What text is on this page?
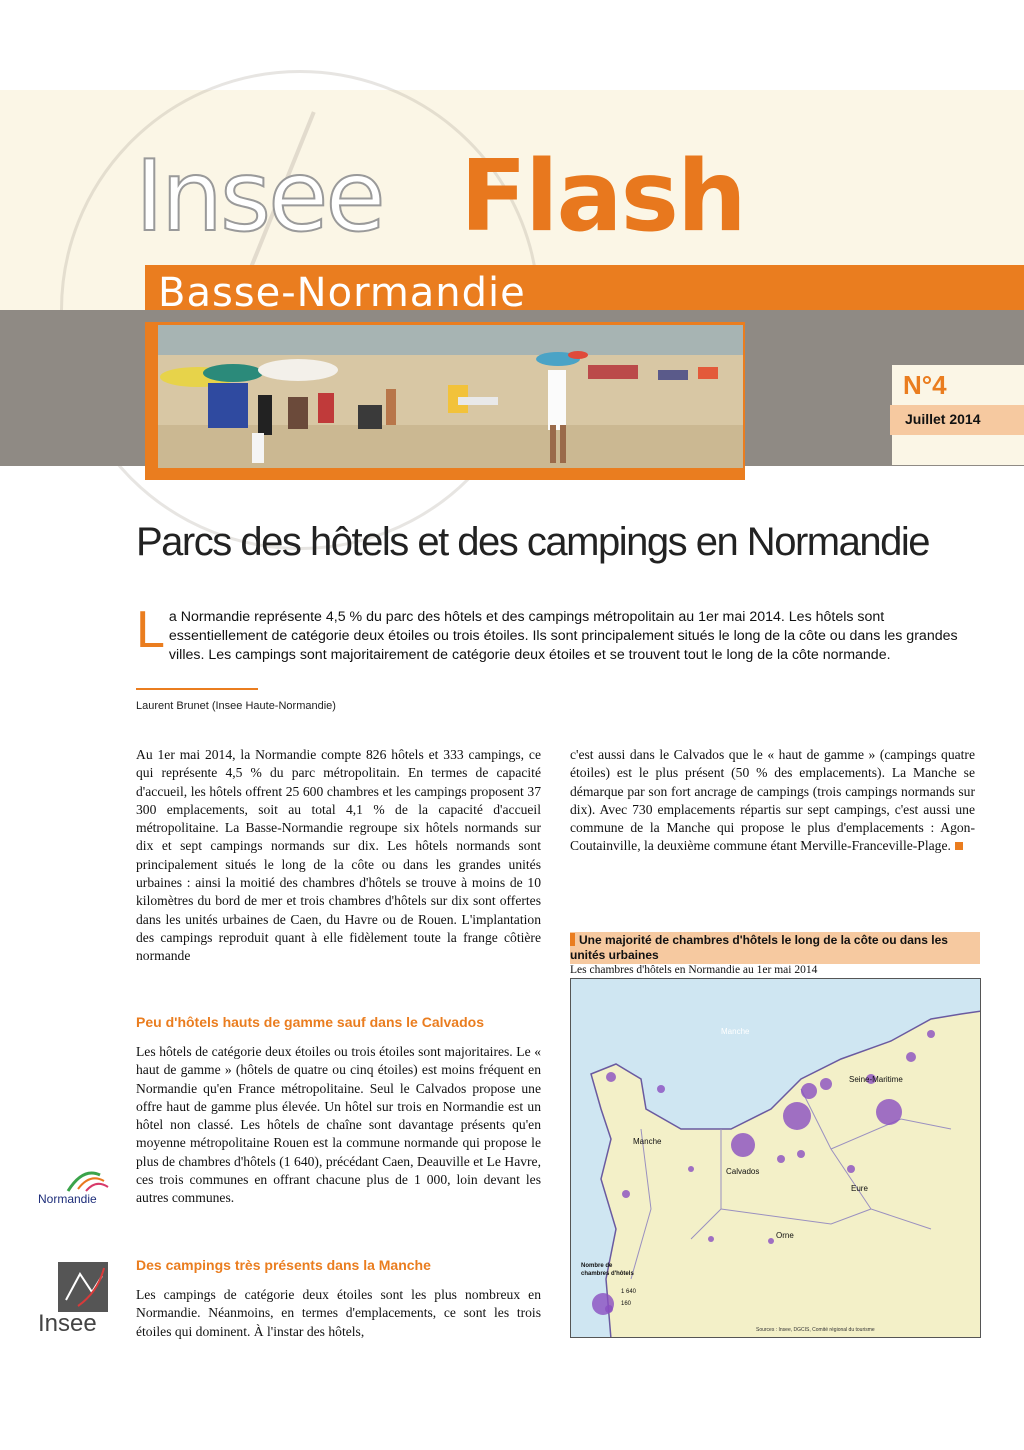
Insee Flash
Basse-Normandie
N°4
Juillet 2014
Parcs des hôtels et des campings en Normandie
L a Normandie représente 4,5 % du parc des hôtels et des campings métropolitain au 1er mai 2014. Les hôtels sont essentiellement de catégorie deux étoiles ou trois étoiles. Ils sont principalement situés le long de la côte ou dans les grandes villes. Les campings sont majoritairement de catégorie deux étoiles et se trouvent tout le long de la côte normande.
Laurent Brunet (Insee Haute-Normandie)
Au 1er mai 2014, la Normandie compte 826 hôtels et 333 campings, ce qui représente 4,5 % du parc métropolitain. En termes de capacité d'accueil, les hôtels offrent 25 600 chambres et les campings proposent 37 300 emplacements, soit au total 4,1 % de la capacité d'accueil métropolitaine. La Basse-Normandie regroupe six hôtels normands sur dix et sept campings normands sur dix. Les hôtels normands sont principalement situés le long de la côte ou dans les grandes unités urbaines : ainsi la moitié des chambres d'hôtels se trouve à moins de 10 kilomètres du bord de mer et trois chambres d'hôtels sur dix sont offertes dans les unités urbaines de Caen, du Havre ou de Rouen. L'implantation des campings reproduit quant à elle fidèlement toute la frange côtière normande
Peu d'hôtels hauts de gamme sauf dans le Calvados
Les hôtels de catégorie deux étoiles ou trois étoiles sont majoritaires. Le « haut de gamme » (hôtels de quatre ou cinq étoiles) est moins fréquent en Normandie qu'en France métropolitaine. Seul le Calvados propose une offre haut de gamme plus élevée. Un hôtel sur trois en Normandie est un hôtel non classé. Les hôtels de chaîne sont davantage présents qu'en moyenne métropolitaine Rouen est la commune normande qui propose le plus de chambres d'hôtels (1 640), précédant Caen, Deauville et Le Havre, ces trois communes en offrant chacune plus de 1 000, loin devant les autres communes.
Des campings très présents dans la Manche
Les campings de catégorie deux étoiles sont les plus nombreux en Normandie. Néanmoins, en termes d'emplacements, ce sont les trois étoiles qui dominent. À l'instar des hôtels,
c'est aussi dans le Calvados que le « haut de gamme » (campings quatre étoiles) est le plus présent (50 % des emplacements). La Manche se démarque par son fort ancrage de campings (trois campings normands sur dix). Avec 730 emplacements répartis sur sept campings, c'est aussi une commune de la Manche qui propose le plus d'emplacements : Agon-Coutainville, la deuxième commune étant Merville-Franceville-Plage.
Une majorité de chambres d'hôtels le long de la côte ou dans les unités urbaines
Les chambres d'hôtels en Normandie au 1er mai 2014
Manche
Manche
Calvados
Orne
Eure
Seine-Maritime
Nombre de chambres d'hôtels
1 640
160
Sources : Insee, DGCIS, Comité régional du tourisme
Normandie
Insee
